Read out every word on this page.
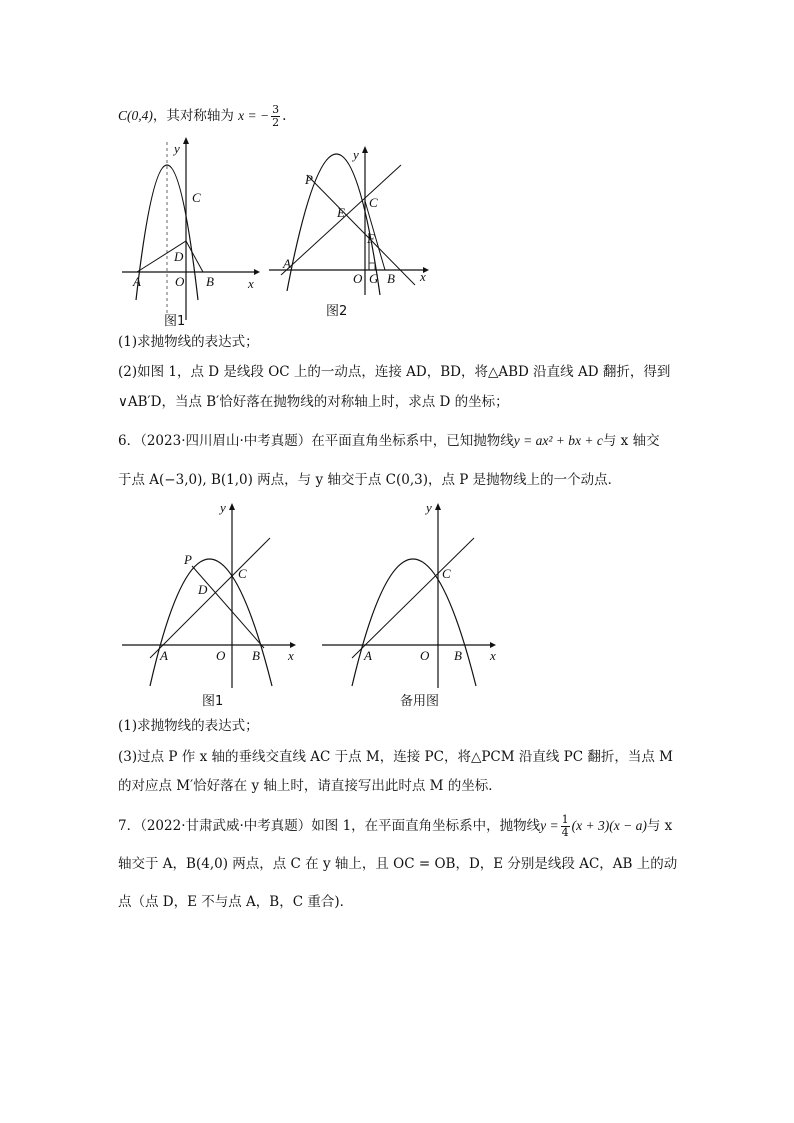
C(0,4)，其对称轴为 x = − $\frac{3}{2}$ .
y
x
C
D
A	O B
图1
y
x
P
E
C
F
A
O G B
图2
(1)求抛物线的表达式；
(2)如图 1，点 D 是线段 OC 上的一动点，连接 AD，BD，将△ABD 沿直线 AD 翻折，得到
∨AB′D，当点 B′恰好落在抛物线的对称轴上时，求点 D 的坐标；
6．（2023·四川眉山·中考真题）在平面直角坐标系中，已知抛物线y = ax² + bx + c与 x 轴交
于点 A(−3,0), B(1,0) 两点，与 y 轴交于点 C(0,3)，点 P 是抛物线上的一个动点．
y
x
P
D
C
A	O B
图1
y
x
C
A	O B
备用图
(1)求抛物线的表达式；
(3)过点 P 作 x 轴的垂线交直线 AC 于点 M，连接 PC，将△PCM 沿直线 PC 翻折，当点 M
的对应点 M′恰好落在 y 轴上时，请直接写出此时点 M 的坐标．
7．（2022·甘肃武威·中考真题）如图 1，在平面直角坐标系中，抛物线$y = \frac{1}{4} (x + 3)(x - a)$与 x
轴交于 A，B(4,0) 两点，点 C 在 y 轴上，且 OC = OB，D，E 分别是线段 AC，AB 上的动
点（点 D，E 不与点 A，B，C 重合)．
